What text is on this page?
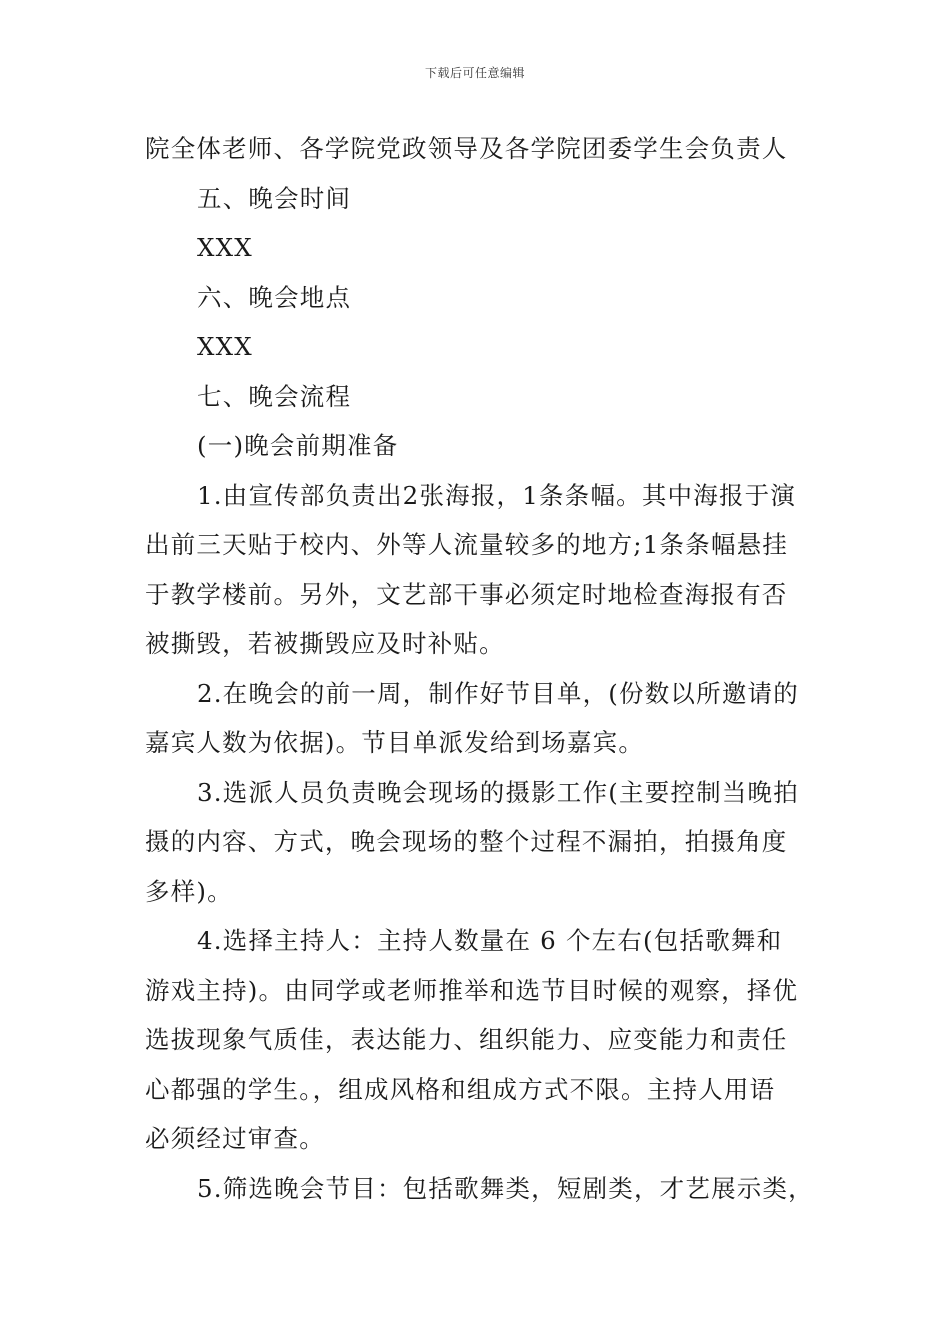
下载后可任意编辑

院全体老师、各学院党政领导及各学院团委学生会负责人

五、晚会时间

XXX

六、晚会地点

XXX

七、晚会流程

(一)晚会前期准备

1.由宣传部负责出2张海报，1条条幅。其中海报于演

出前三天贴于校内、外等人流量较多的地方;1条条幅悬挂

于教学楼前。另外，文艺部干事必须定时地检查海报有否

被撕毁，若被撕毁应及时补贴。

2.在晚会的前一周，制作好节目单，(份数以所邀请的

嘉宾人数为依据)。节目单派发给到场嘉宾。

3.选派人员负责晚会现场的摄影工作(主要控制当晚拍

摄的内容、方式，晚会现场的整个过程不漏拍，拍摄角度

多样)。

4.选择主持人：主持人数量在 6 个左右(包括歌舞和

游戏主持)。由同学或老师推举和选节目时候的观察，择优

选拔现象气质佳，表达能力、组织能力、应变能力和责任

心都强的学生。，组成风格和组成方式不限。主持人用语

必须经过审查。

5.筛选晚会节目：包括歌舞类，短剧类，才艺展示类，
